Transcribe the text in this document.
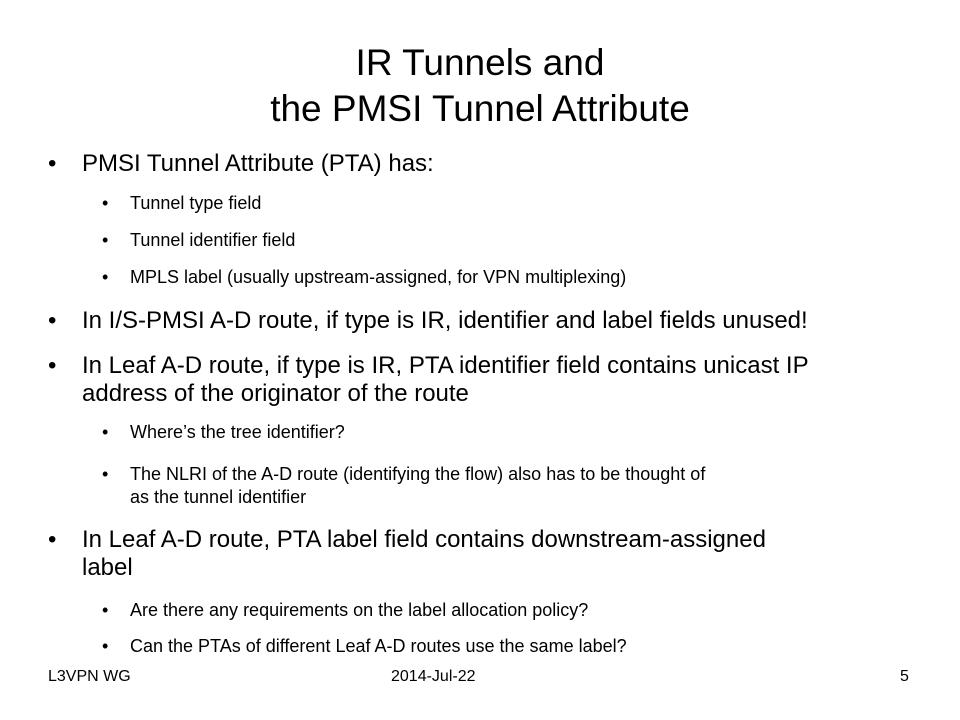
IR Tunnels and
the PMSI Tunnel Attribute
• PMSI Tunnel Attribute (PTA) has:
• Tunnel type field
• Tunnel identifier field
• MPLS label (usually upstream-assigned, for VPN multiplexing)
• In I/S-PMSI A-D route, if type is IR, identifier and label fields unused!
• In Leaf A-D route, if type is IR, PTA identifier field contains unicast IP
address of the originator of the route
• Where’s the tree identifier?
• The NLRI of the A-D route (identifying the flow) also has to be thought of
as the tunnel identifier
• In Leaf A-D route, PTA label field contains downstream-assigned
label
• Are there any requirements on the label allocation policy?
• Can the PTAs of different Leaf A-D routes use the same label?
L3VPN WG	2014-Jul-22	5
